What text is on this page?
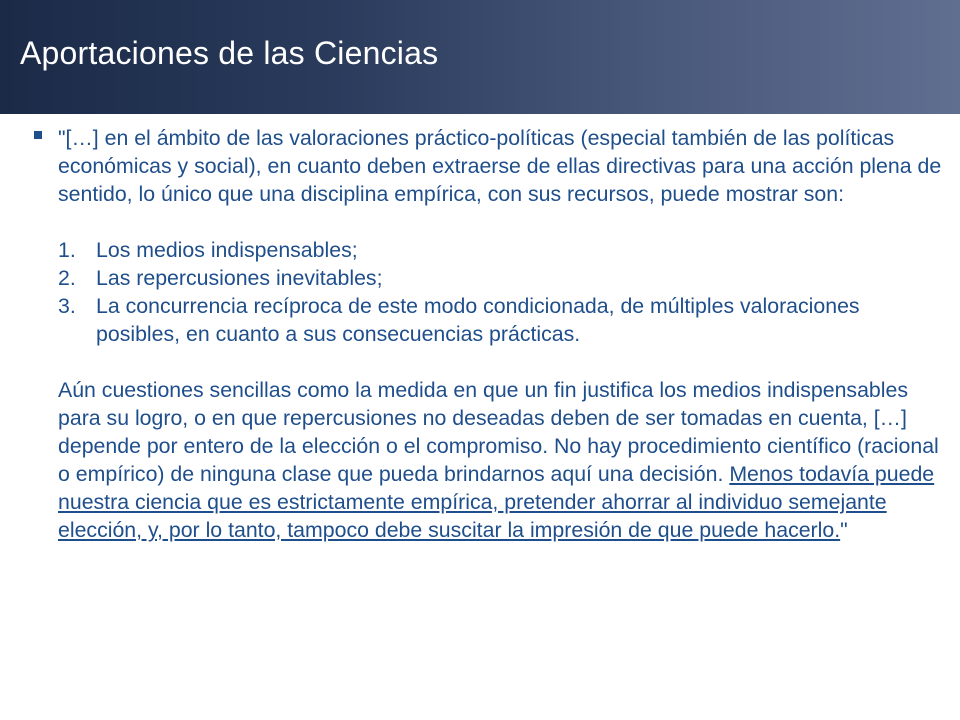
Aportaciones de las Ciencias

"[…] en el ámbito de las valoraciones práctico-políticas (especial también de las políticas económicas y social), en cuanto deben extraerse de ellas directivas para una acción plena de sentido, lo único que una disciplina empírica, con sus recursos, puede mostrar son:

1. Los medios indispensables;
2. Las repercusiones inevitables;
3. La concurrencia recíproca de este modo condicionada, de múltiples valoraciones posibles, en cuanto a sus consecuencias prácticas.

Aún cuestiones sencillas como la medida en que un fin justifica los medios indispensables para su logro, o en que repercusiones no deseadas deben de ser tomadas en cuenta, […] depende por entero de la elección o el compromiso. No hay procedimiento científico (racional o empírico) de ninguna clase que pueda brindarnos aquí una decisión. Menos todavía puede nuestra ciencia que es estrictamente empírica, pretender ahorrar al individuo semejante elección, y, por lo tanto, tampoco debe suscitar la impresión de que puede hacerlo."
